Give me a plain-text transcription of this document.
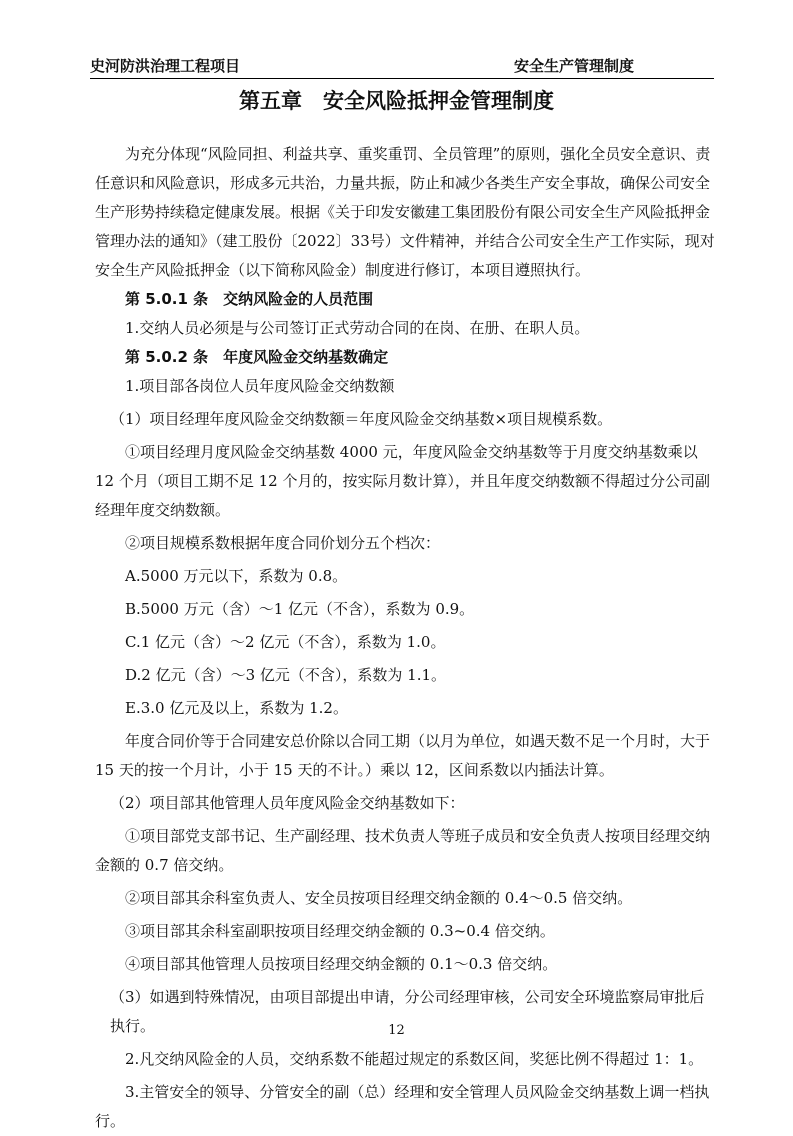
史河防洪治理工程项目	安全生产管理制度
第五章　安全风险抵押金管理制度

为充分体现“风险同担、利益共享、重奖重罚、全员管理”的原则，强化全员安全意识、责任意识和风险意识，形成多元共治，力量共振，防止和减少各类生产安全事故，确保公司安全生产形势持续稳定健康发展。根据《关于印发安徽建工集团股份有限公司安全生产风险抵押金管理办法的通知》（建工股份〔2022〕33号）文件精神，并结合公司安全生产工作实际，现对安全生产风险抵押金（以下简称风险金）制度进行修订，本项目遵照执行。

第 5.0.1 条　交纳风险金的人员范围

1.交纳人员必须是与公司签订正式劳动合同的在岗、在册、在职人员。

第 5.0.2 条　年度风险金交纳基数确定

1.项目部各岗位人员年度风险金交纳数额

（1）项目经理年度风险金交纳数额＝年度风险金交纳基数×项目规模系数。

①项目经理月度风险金交纳基数 4000 元，年度风险金交纳基数等于月度交纳基数乘以 12 个月（项目工期不足 12 个月的，按实际月数计算），并且年度交纳数额不得超过分公司副经理年度交纳数额。

②项目规模系数根据年度合同价划分五个档次：

A.5000 万元以下，系数为 0.8。

B.5000 万元（含）～1 亿元（不含），系数为 0.9。

C.1 亿元（含）～2 亿元（不含），系数为 1.0。

D.2 亿元（含）～3 亿元（不含），系数为 1.1。

E.3.0 亿元及以上，系数为 1.2。

年度合同价等于合同建安总价除以合同工期（以月为单位，如遇天数不足一个月时，大于 15 天的按一个月计，小于 15 天的不计。）乘以 12，区间系数以内插法计算。

（2）项目部其他管理人员年度风险金交纳基数如下：

①项目部党支部书记、生产副经理、技术负责人等班子成员和安全负责人按项目经理交纳金额的 0.7 倍交纳。

②项目部其余科室负责人、安全员按项目经理交纳金额的 0.4～0.5 倍交纳。

③项目部其余科室副职按项目经理交纳金额的 0.3~0.4 倍交纳。

④项目部其他管理人员按项目经理交纳金额的 0.1～0.3 倍交纳。

（3）如遇到特殊情况，由项目部提出申请，分公司经理审核，公司安全环境监察局审批后执行。

2.凡交纳风险金的人员，交纳系数不能超过规定的系数区间，奖惩比例不得超过 1：1。

3.主管安全的领导、分管安全的副（总）经理和安全管理人员风险金交纳基数上调一档执行。

12
